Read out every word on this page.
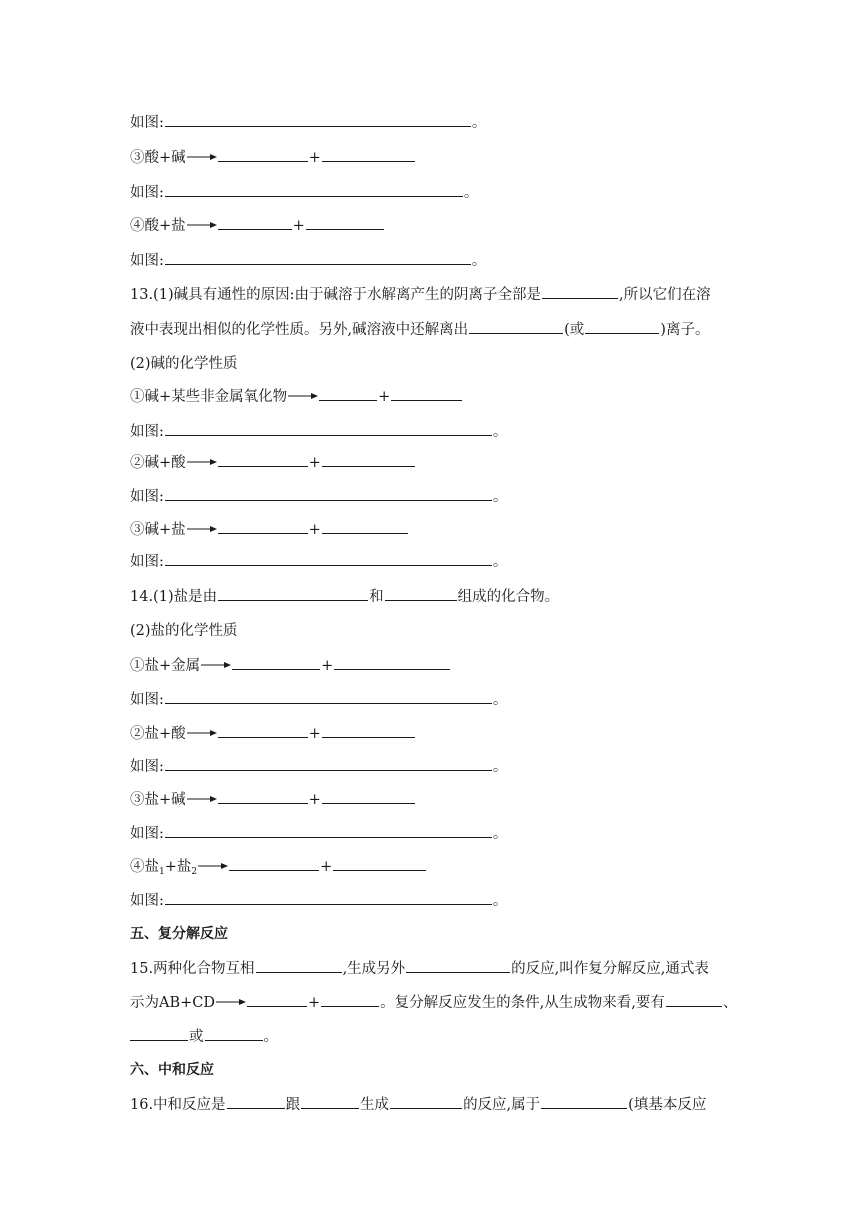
如图:	。
③酸+碱	+
如图:	。
④酸+盐	+
如图:	。
13.(1)碱具有通性的原因:由于碱溶于水解离产生的阴离子全部是	,所以它们在溶
液中表现出相似的化学性质。另外,碱溶液中还解离出	(或	)离子。
(2)碱的化学性质
①碱+某些非金属氧化物	+
如图:	。
②碱+酸	+
如图:	。
③碱+盐	+
如图:	。
14.(1)盐是由	和	组成的化合物。
(2)盐的化学性质
①盐+金属	+
如图:	。
②盐+酸	+
如图:	。
③盐+碱	+
如图:	。
④盐$_1$+盐$_2$	+
如图:	。
五、复分解反应
15.两种化合物互相	,生成另外	的反应,叫作复分解反应,通式表
示为AB+CD	+	。复分解反应发生的条件,从生成物来看,要有	、
或	。
六、中和反应
16.中和反应是	跟	生成	的反应,属于	(填基本反应
